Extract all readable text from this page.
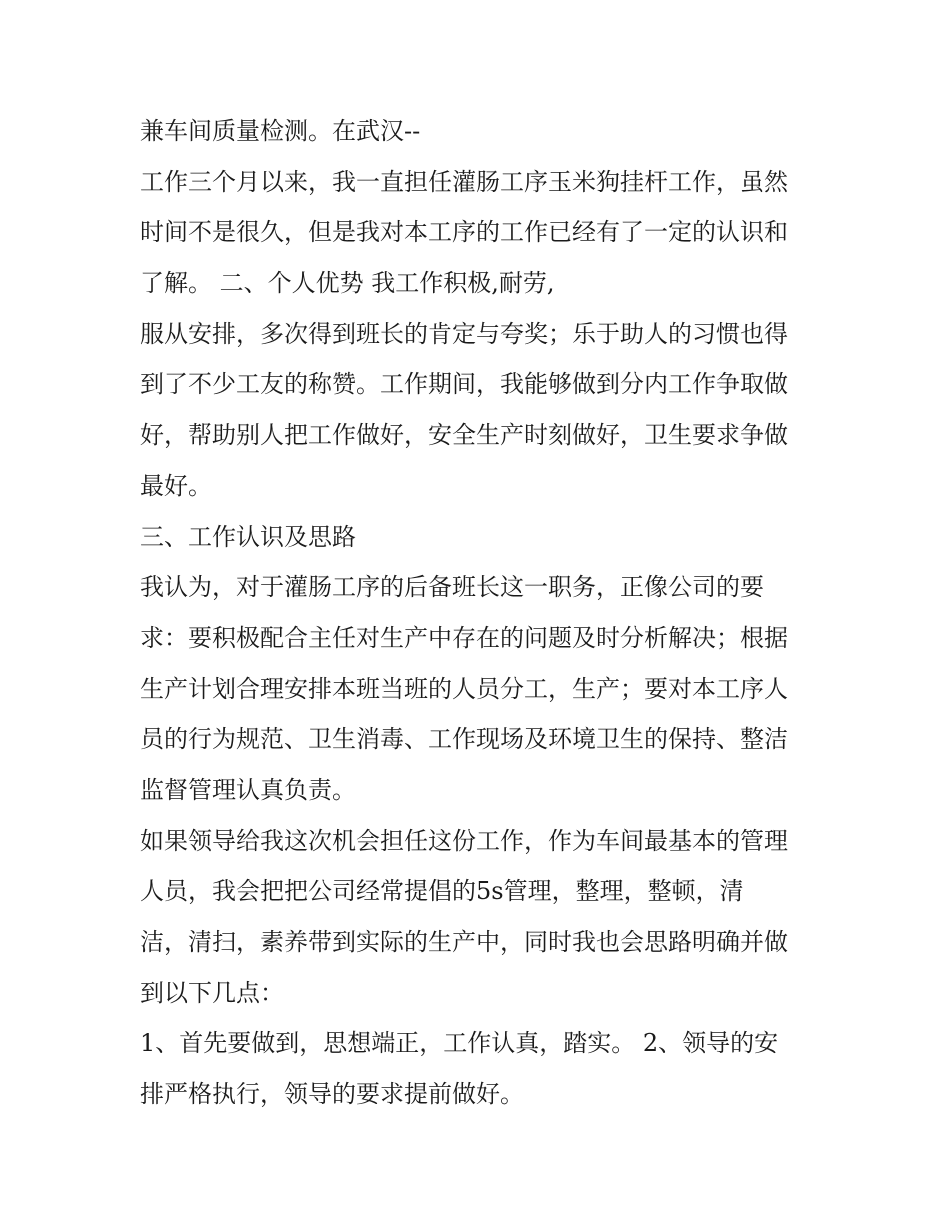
兼车间质量检测。在武汉--
工作三个月以来，我一直担任灌肠工序玉米狗挂杆工作，虽然
时间不是很久，但是我对本工序的工作已经有了一定的认识和
了解。 二、个人优势 我工作积极,耐劳,
服从安排，多次得到班长的肯定与夸奖；乐于助人的习惯也得
到了不少工友的称赞。工作期间，我能够做到分内工作争取做
好，帮助别人把工作做好，安全生产时刻做好，卫生要求争做
最好。
三、工作认识及思路
我认为，对于灌肠工序的后备班长这一职务，正像公司的要
求：要积极配合主任对生产中存在的问题及时分析解决；根据
生产计划合理安排本班当班的人员分工，生产；要对本工序人
员的行为规范、卫生消毒、工作现场及环境卫生的保持、整洁
监督管理认真负责。
如果领导给我这次机会担任这份工作，作为车间最基本的管理
人员，我会把把公司经常提倡的5s管理，整理，整顿，清
洁，清扫，素养带到实际的生产中，同时我也会思路明确并做
到以下几点：
1、首先要做到，思想端正，工作认真，踏实。 2、领导的安
排严格执行，领导的要求提前做好。
